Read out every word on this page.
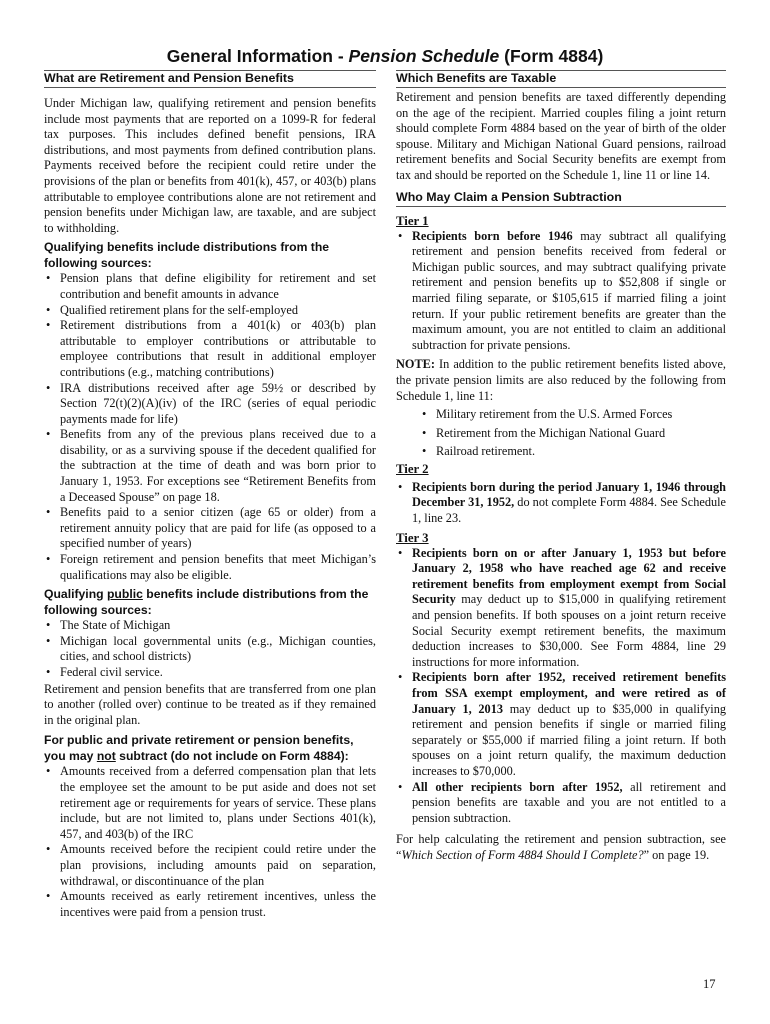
General Information - Pension Schedule (Form 4884)
What are Retirement and Pension Benefits

Under Michigan law, qualifying retirement and pension benefits include most payments that are reported on a 1099-R for federal tax purposes. This includes defined benefit pensions, IRA distributions, and most payments from defined contribution plans. Payments received before the recipient could retire under the provisions of the plan or benefits from 401(k), 457, or 403(b) plans attributable to employee contributions alone are not retirement and pension benefits under Michigan law, are taxable, and are subject to withholding.

Qualifying benefits include distributions from the following sources:

• Pension plans that define eligibility for retirement and set contribution and benefit amounts in advance
• Qualified retirement plans for the self-employed
• Retirement distributions from a 401(k) or 403(b) plan attributable to employer contributions or attributable to employee contributions that result in additional employer contributions (e.g., matching contributions)
• IRA distributions received after age 59½ or described by Section 72(t)(2)(A)(iv) of the IRC (series of equal periodic payments made for life)
• Benefits from any of the previous plans received due to a disability, or as a surviving spouse if the decedent qualified for the subtraction at the time of death and was born prior to January 1, 1953. For exceptions see “Retirement Benefits from a Deceased Spouse” on page 18.
• Benefits paid to a senior citizen (age 65 or older) from a retirement annuity policy that are paid for life (as opposed to a specified number of years)
• Foreign retirement and pension benefits that meet Michigan’s qualifications may also be eligible.

Qualifying public benefits include distributions from the following sources:

• The State of Michigan
• Michigan local governmental units (e.g., Michigan counties, cities, and school districts)
• Federal civil service.

Retirement and pension benefits that are transferred from one plan to another (rolled over) continue to be treated as if they remained in the original plan.

For public and private retirement or pension benefits, you may not subtract (do not include on Form 4884):

• Amounts received from a deferred compensation plan that lets the employee set the amount to be put aside and does not set retirement age or requirements for years of service. These plans include, but are not limited to, plans under Sections 401(k), 457, and 403(b) of the IRC
• Amounts received before the recipient could retire under the plan provisions, including amounts paid on separation, withdrawal, or discontinuance of the plan
• Amounts received as early retirement incentives, unless the incentives were paid from a pension trust.
Which Benefits are Taxable

Retirement and pension benefits are taxed differently depending on the age of the recipient. Married couples filing a joint return should complete Form 4884 based on the year of birth of the older spouse. Military and Michigan National Guard pensions, railroad retirement benefits and Social Security benefits are exempt from tax and should be reported on the Schedule 1, line 11 or line 14.

Who May Claim a Pension Subtraction

Tier 1

• Recipients born before 1946 may subtract all qualifying retirement and pension benefits received from federal or Michigan public sources, and may subtract qualifying private retirement and pension benefits up to $52,808 if single or married filing separate, or $105,615 if married filing a joint return. If your public retirement benefits are greater than the maximum amount, you are not entitled to claim an additional subtraction for private pensions.

NOTE: In addition to the public retirement benefits listed above, the private pension limits are also reduced by the following from Schedule 1, line 11:

• Military retirement from the U.S. Armed Forces
• Retirement from the Michigan National Guard
• Railroad retirement.

Tier 2

• Recipients born during the period January 1, 1946 through December 31, 1952, do not complete Form 4884. See Schedule 1, line 23.

Tier 3

• Recipients born on or after January 1, 1953 but before January 2, 1958 who have reached age 62 and receive retirement benefits from employment exempt from Social Security may deduct up to $15,000 in qualifying retirement and pension benefits. If both spouses on a joint return receive Social Security exempt retirement benefits, the maximum deduction increases to $30,000. See Form 4884, line 29 instructions for more information.
• Recipients born after 1952, received retirement benefits from SSA exempt employment, and were retired as of January 1, 2013 may deduct up to $35,000 in qualifying retirement and pension benefits if single or married filing separately or $55,000 if married filing a joint return. If both spouses on a joint return qualify, the maximum deduction increases to $70,000.
• All other recipients born after 1952, all retirement and pension benefits are taxable and you are not entitled to a pension subtraction.

For help calculating the retirement and pension subtraction, see “Which Section of Form 4884 Should I Complete?” on page 19.

17
